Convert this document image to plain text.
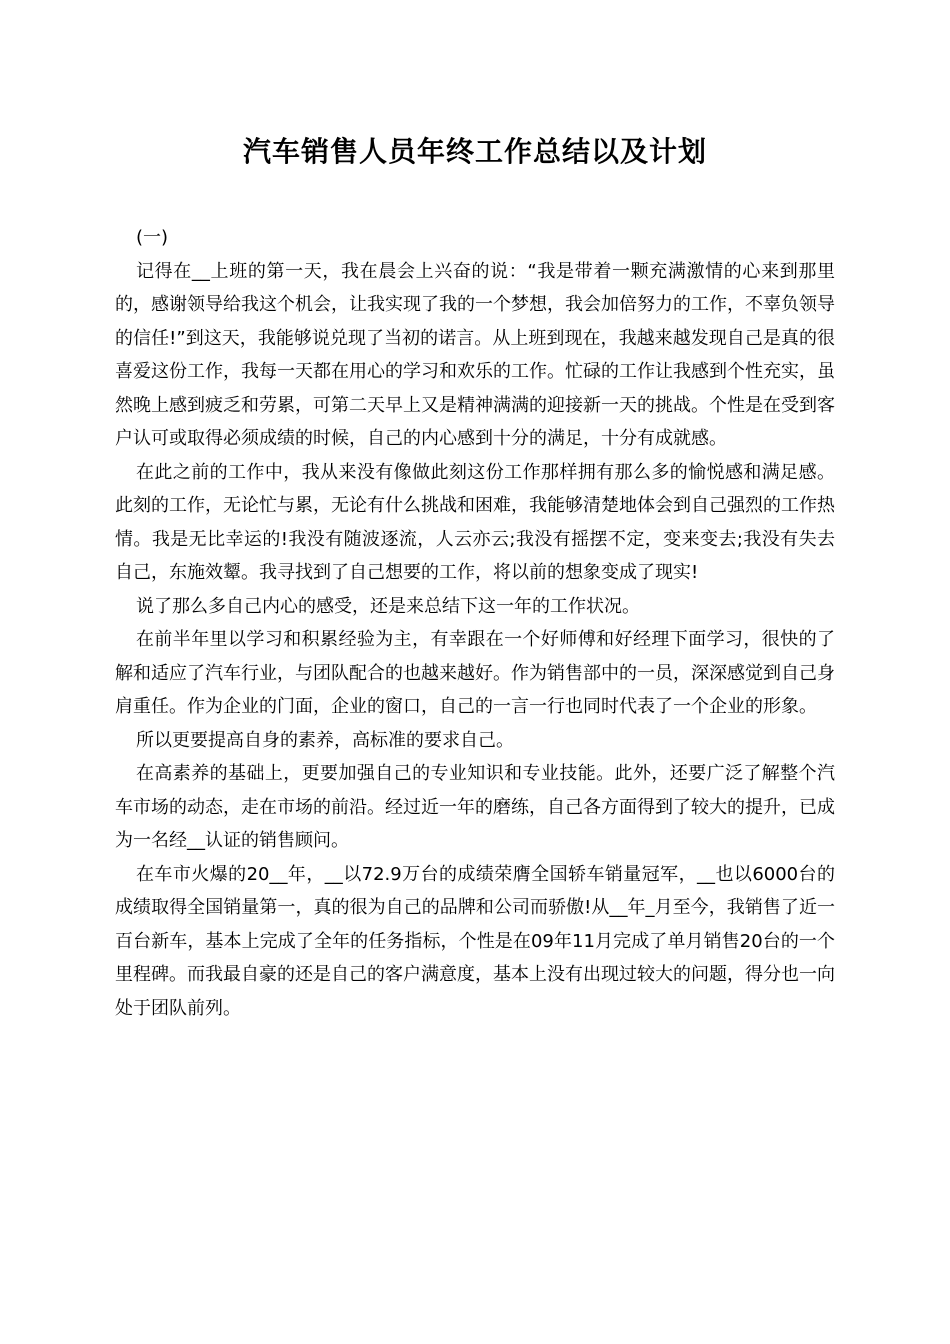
汽车销售人员年终工作总结以及计划

(一)

记得在__上班的第一天，我在晨会上兴奋的说：“我是带着一颗充满激情的心来到那里的，感谢领导给我这个机会，让我实现了我的一个梦想，我会加倍努力的工作，不辜负领导的信任!”到这天，我能够说兑现了当初的诺言。从上班到现在，我越来越发现自己是真的很喜爱这份工作，我每一天都在用心的学习和欢乐的工作。忙碌的工作让我感到个性充实，虽然晚上感到疲乏和劳累，可第二天早上又是精神满满的迎接新一天的挑战。个性是在受到客户认可或取得必须成绩的时候，自己的内心感到十分的满足，十分有成就感。

在此之前的工作中，我从来没有像做此刻这份工作那样拥有那么多的愉悦感和满足感。此刻的工作，无论忙与累，无论有什么挑战和困难，我能够清楚地体会到自己强烈的工作热情。我是无比幸运的!我没有随波逐流，人云亦云;我没有摇摆不定，变来变去;我没有失去自己，东施效颦。我寻找到了自己想要的工作，将以前的想象变成了现实!

说了那么多自己内心的感受，还是来总结下这一年的工作状况。

在前半年里以学习和积累经验为主，有幸跟在一个好师傅和好经理下面学习，很快的了解和适应了汽车行业，与团队配合的也越来越好。作为销售部中的一员，深深感觉到自己身肩重任。作为企业的门面，企业的窗口，自己的一言一行也同时代表了一个企业的形象。

所以更要提高自身的素养，高标准的要求自己。

在高素养的基础上，更要加强自己的专业知识和专业技能。此外，还要广泛了解整个汽车市场的动态，走在市场的前沿。经过近一年的磨练，自己各方面得到了较大的提升，已成为一名经__认证的销售顾问。

在车市火爆的20__年，__以72.9万台的成绩荣膺全国轿车销量冠军，__也以6000台的成绩取得全国销量第一，真的很为自己的品牌和公司而骄傲!从__年_月至今，我销售了近一百台新车，基本上完成了全年的任务指标，个性是在09年11月完成了单月销售20台的一个里程碑。而我最自豪的还是自己的客户满意度，基本上没有出现过较大的问题，得分也一向处于团队前列。
